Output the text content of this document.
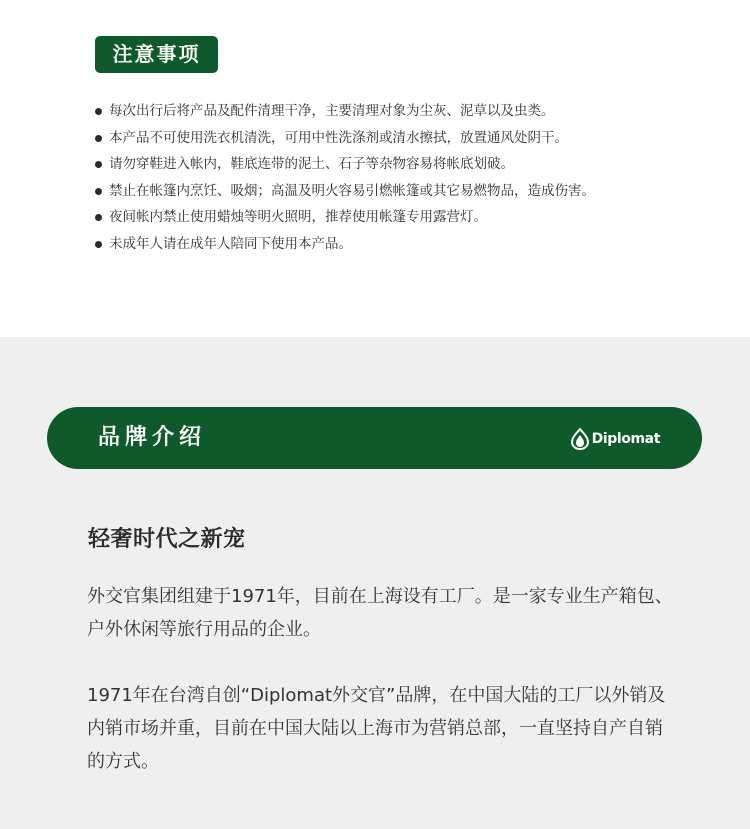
注意事项
每次出行后将产品及配件清理干净，主要清理对象为尘灰、泥草以及虫类。
本产品不可使用洗衣机清洗，可用中性洗涤剂或清水擦拭，放置通风处阴干。
请勿穿鞋进入帐内，鞋底连带的泥土、石子等杂物容易将帐底划破。
禁止在帐篷内烹饪、吸烟；高温及明火容易引燃帐篷或其它易燃物品，造成伤害。
夜间帐内禁止使用蜡烛等明火照明，推荐使用帐篷专用露营灯。
未成年人请在成年人陪同下使用本产品。
品牌介绍	Diplomat
轻奢时代之新宠

外交官集团组建于1971年，目前在上海设有工厂。是一家专业生产箱包、户外休闲等旅行用品的企业。

1971年在台湾自创“Diplomat外交官”品牌，在中国大陆的工厂以外销及内销市场并重，目前在中国大陆以上海市为营销总部，一直坚持自产自销的方式。
